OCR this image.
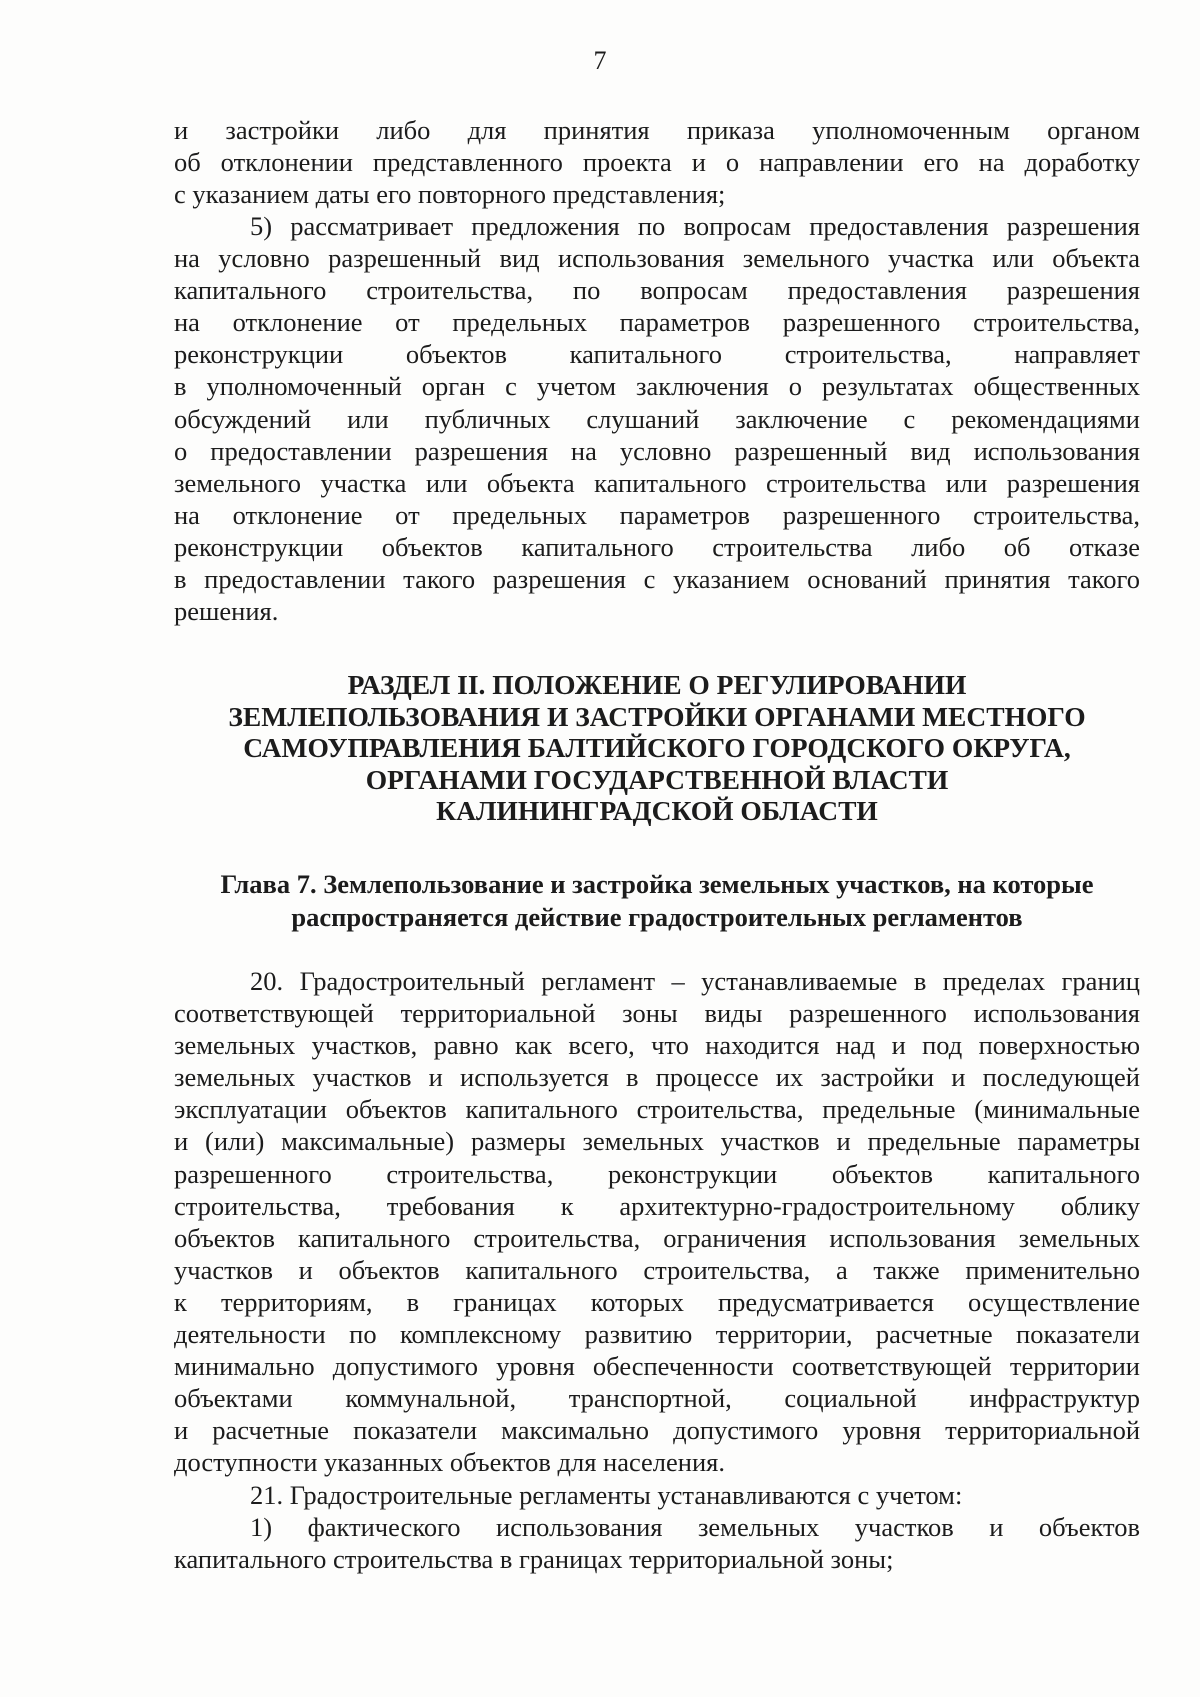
7
и застройки либо для принятия приказа уполномоченным органом
об отклонении представленного проекта и о направлении его на доработку
с указанием даты его повторного представления;
5) рассматривает предложения по вопросам предоставления разрешения
на условно разрешенный вид использования земельного участка или объекта
капитального строительства, по вопросам предоставления разрешения
на отклонение от предельных параметров разрешенного строительства,
реконструкции объектов капитального строительства, направляет
в уполномоченный орган с учетом заключения о результатах общественных
обсуждений или публичных слушаний заключение с рекомендациями
о предоставлении разрешения на условно разрешенный вид использования
земельного участка или объекта капитального строительства или разрешения
на отклонение от предельных параметров разрешенного строительства,
реконструкции объектов капитального строительства либо об отказе
в предоставлении такого разрешения с указанием оснований принятия такого
решения.
РАЗДЕЛ II. ПОЛОЖЕНИЕ О РЕГУЛИРОВАНИИ
ЗЕМЛЕПОЛЬЗОВАНИЯ И ЗАСТРОЙКИ ОРГАНАМИ МЕСТНОГО
САМОУПРАВЛЕНИЯ БАЛТИЙСКОГО ГОРОДСКОГО ОКРУГА,
ОРГАНАМИ ГОСУДАРСТВЕННОЙ ВЛАСТИ
КАЛИНИНГРАДСКОЙ ОБЛАСТИ
Глава 7. Землепользование и застройка земельных участков, на которые
распространяется действие градостроительных регламентов
20. Градостроительный регламент – устанавливаемые в пределах границ
соответствующей территориальной зоны виды разрешенного использования
земельных участков, равно как всего, что находится над и под поверхностью
земельных участков и используется в процессе их застройки и последующей
эксплуатации объектов капитального строительства, предельные (минимальные
и (или) максимальные) размеры земельных участков и предельные параметры
разрешенного строительства, реконструкции объектов капитального
строительства, требования к архитектурно-градостроительному облику
объектов капитального строительства, ограничения использования земельных
участков и объектов капитального строительства, а также применительно
к территориям, в границах которых предусматривается осуществление
деятельности по комплексному развитию территории, расчетные показатели
минимально допустимого уровня обеспеченности соответствующей территории
объектами коммунальной, транспортной, социальной инфраструктур
и расчетные показатели максимально допустимого уровня территориальной
доступности указанных объектов для населения.
21. Градостроительные регламенты устанавливаются с учетом:
1) фактического использования земельных участков и объектов
капитального строительства в границах территориальной зоны;
